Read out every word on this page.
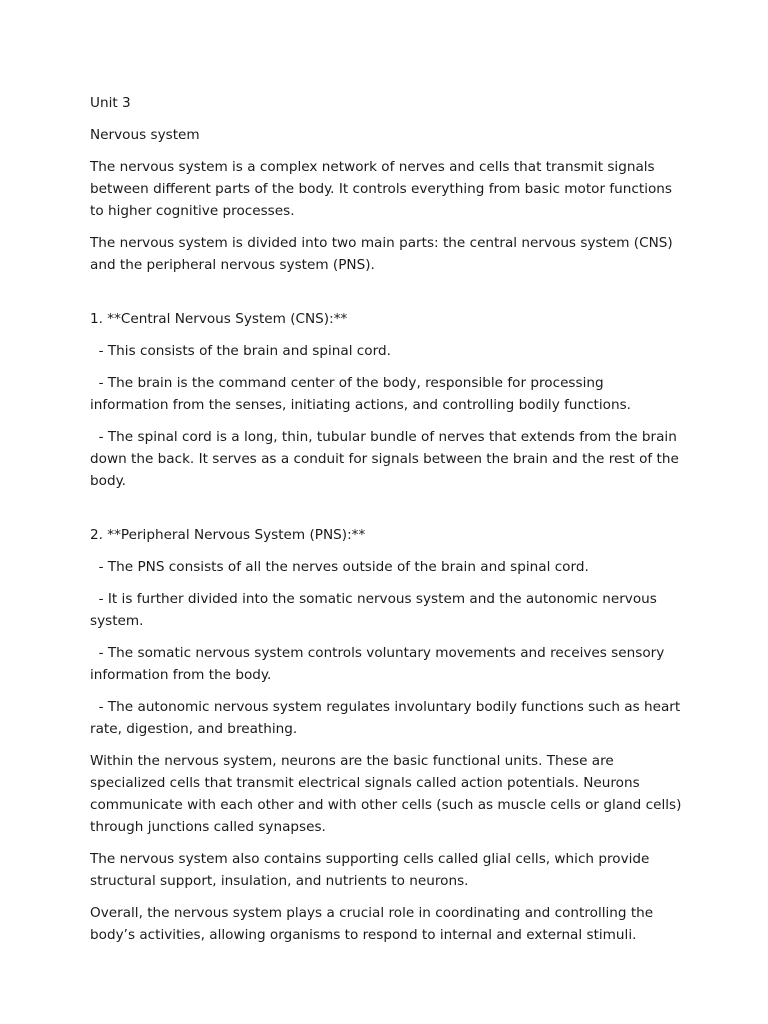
Unit 3

Nervous system

The nervous system is a complex network of nerves and cells that transmit signals between different parts of the body. It controls everything from basic motor functions to higher cognitive processes.

The nervous system is divided into two main parts: the central nervous system (CNS) and the peripheral nervous system (PNS).

1. **Central Nervous System (CNS):**

- This consists of the brain and spinal cord.

- The brain is the command center of the body, responsible for processing information from the senses, initiating actions, and controlling bodily functions.

- The spinal cord is a long, thin, tubular bundle of nerves that extends from the brain down the back. It serves as a conduit for signals between the brain and the rest of the body.

2. **Peripheral Nervous System (PNS):**

- The PNS consists of all the nerves outside of the brain and spinal cord.

- It is further divided into the somatic nervous system and the autonomic nervous system.

- The somatic nervous system controls voluntary movements and receives sensory information from the body.

- The autonomic nervous system regulates involuntary bodily functions such as heart rate, digestion, and breathing.

Within the nervous system, neurons are the basic functional units. These are specialized cells that transmit electrical signals called action potentials. Neurons communicate with each other and with other cells (such as muscle cells or gland cells) through junctions called synapses.

The nervous system also contains supporting cells called glial cells, which provide structural support, insulation, and nutrients to neurons.

Overall, the nervous system plays a crucial role in coordinating and controlling the body’s activities, allowing organisms to respond to internal and external stimuli.
